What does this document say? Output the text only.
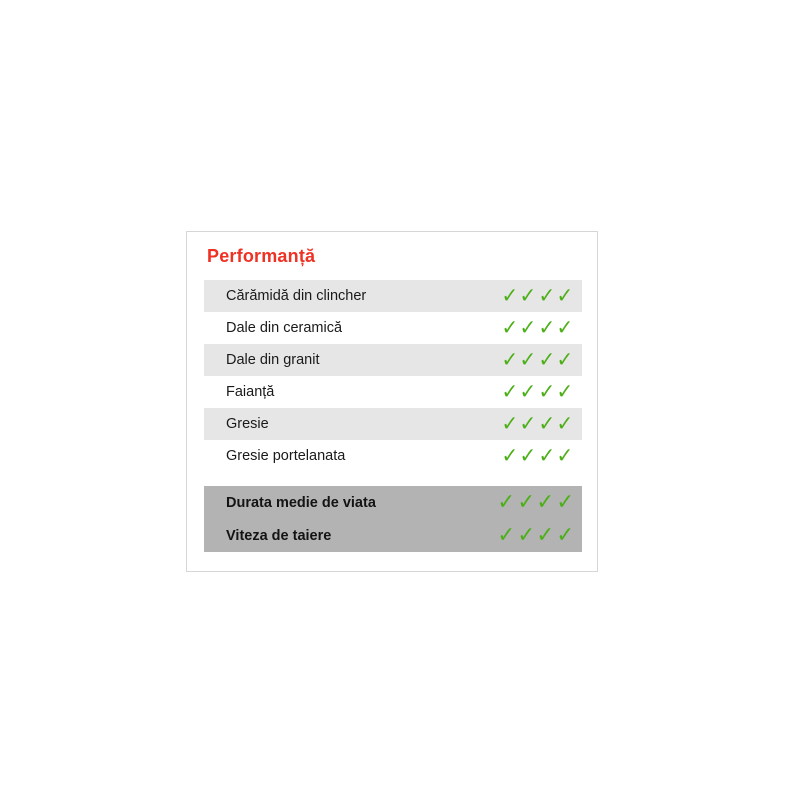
Performanță
Cărămidă din clincher	✓ ✓ ✓ ✓
Dale din ceramică	✓ ✓ ✓ ✓
Dale din granit	✓ ✓ ✓ ✓
Faianță	✓ ✓ ✓ ✓
Gresie	✓ ✓ ✓ ✓
Gresie portelanata	✓ ✓ ✓ ✓
Durata medie de viata	✓ ✓ ✓ ✓
Viteza de taiere	✓ ✓ ✓ ✓
